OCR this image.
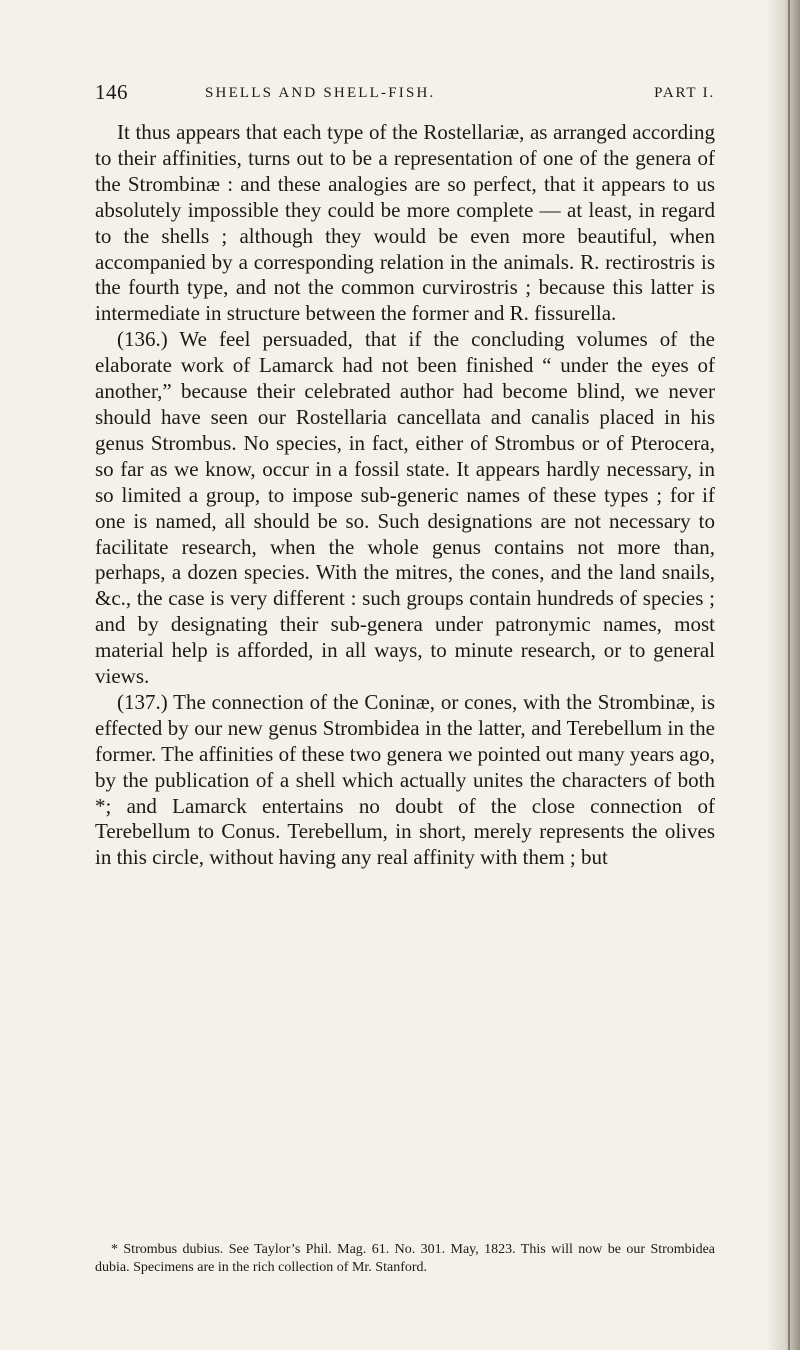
146	SHELLS AND SHELL-FISH.	PART I.

It thus appears that each type of the Rostellariæ, as arranged according to their affinities, turns out to be a representation of one of the genera of the Strombinæ : and these analogies are so perfect, that it appears to us absolutely impossible they could be more complete — at least, in regard to the shells ; although they would be even more beautiful, when accompanied by a corresponding relation in the animals. R. rectirostris is the fourth type, and not the common curvirostris ; because this latter is intermediate in structure between the former and R. fissurella.

(136.) We feel persuaded, that if the concluding volumes of the elaborate work of Lamarck had not been finished “ under the eyes of another,” because their celebrated author had become blind, we never should have seen our Rostellaria cancellata and canalis placed in his genus Strombus. No species, in fact, either of Strombus or of Pterocera, so far as we know, occur in a fossil state. It appears hardly necessary, in so limited a group, to impose sub-generic names of these types ; for if one is named, all should be so. Such designations are not necessary to facilitate research, when the whole genus contains not more than, perhaps, a dozen species. With the mitres, the cones, and the land snails, &c., the case is very different : such groups contain hundreds of species ; and by designating their sub-genera under patronymic names, most material help is afforded, in all ways, to minute research, or to general views.

(137.) The connection of the Coninæ, or cones, with the Strombinæ, is effected by our new genus Strombidea in the latter, and Terebellum in the former. The affinities of these two genera we pointed out many years ago, by the publication of a shell which actually unites the characters of both *; and Lamarck entertains no doubt of the close connection of Terebellum to Conus. Terebellum, in short, merely represents the olives in this circle, without having any real affinity with them ; but

* Strombus dubius. See Taylor’s Phil. Mag. 61. No. 301. May, 1823. This will now be our Strombidea dubia. Specimens are in the rich collection of Mr. Stanford.
